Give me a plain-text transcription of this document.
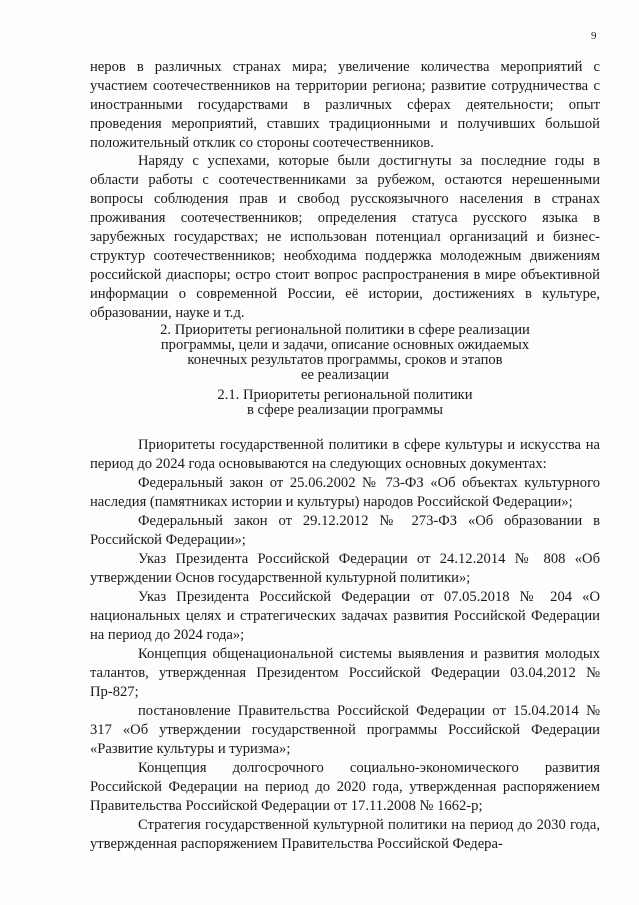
9

неров в различных странах мира; увеличение количества мероприятий с участием соотечественников на территории региона; развитие сотрудничества с иностранными государствами в различных сферах деятельности; опыт проведения мероприятий, ставших традиционными и получивших большой положительный отклик со стороны соотечественников.

Наряду с успехами, которые были достигнуты за последние годы в области работы с соотечественниками за рубежом, остаются нерешенными вопросы соблюдения прав и свобод русскоязычного населения в странах проживания соотечественников; определения статуса русского языка в зарубежных государствах; не использован потенциал организаций и бизнес-структур соотечественников; необходима поддержка молодежным движениям российской диаспоры; остро стоит вопрос распространения в мире объективной информации о современной России, её истории, достижениях в культуре, образовании, науке и т.д.

2. Приоритеты региональной политики в сфере реализации
программы, цели и задачи, описание основных ожидаемых
конечных результатов программы, сроков и этапов
ее реализации
2.1. Приоритеты региональной политики
в сфере реализации программы

Приоритеты государственной политики в сфере культуры и искусства на период до 2024 года основываются на следующих основных документах:

Федеральный закон от 25.06.2002 № 73-ФЗ «Об объектах культурного наследия (памятниках истории и культуры) народов Российской Федерации»;

Федеральный закон от 29.12.2012 № 273-ФЗ «Об образовании в Российской Федерации»;

Указ Президента Российской Федерации от 24.12.2014 № 808 «Об утверждении Основ государственной культурной политики»;

Указ Президента Российской Федерации от 07.05.2018 № 204 «О национальных целях и стратегических задачах развития Российской Федерации на период до 2024 года»;

Концепция общенациональной системы выявления и развития молодых талантов, утвержденная Президентом Российской Федерации 03.04.2012 № Пр-827;

постановление Правительства Российской Федерации от 15.04.2014 № 317 «Об утверждении государственной программы Российской Федерации «Развитие культуры и туризма»;

Концепция долгосрочного социально-экономического развития Российской Федерации на период до 2020 года, утвержденная распоряжением Правительства Российской Федерации от 17.11.2008 № 1662-р;

Стратегия государственной культурной политики на период до 2030 года, утвержденная распоряжением Правительства Российской Федера-
